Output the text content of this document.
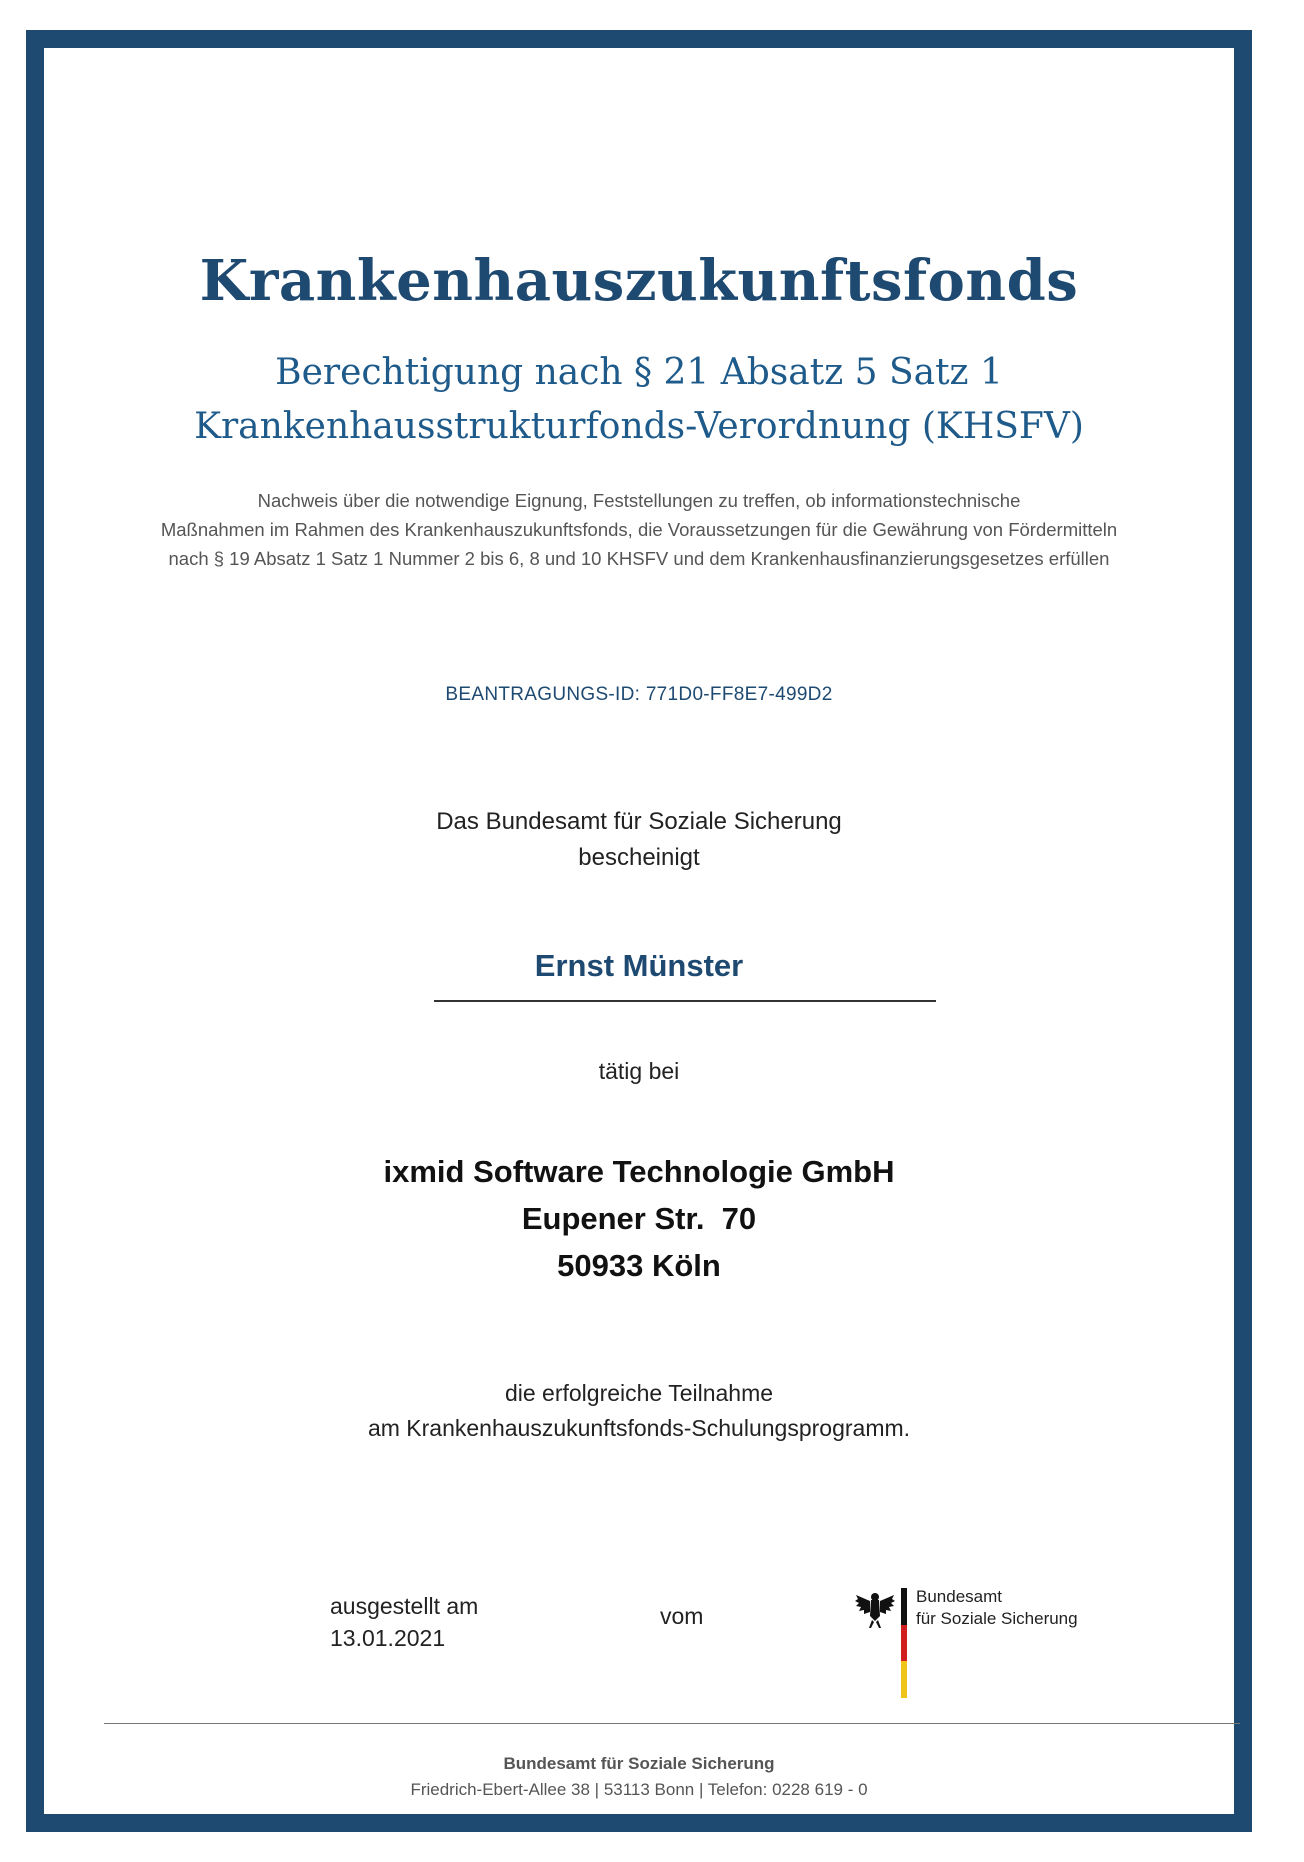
Krankenhauszukunftsfonds
Berechtigung nach § 21 Absatz 5 Satz 1
Krankenhausstrukturfonds-Verordnung (KHSFV)
Nachweis über die notwendige Eignung, Feststellungen zu treffen, ob informationstechnische
Maßnahmen im Rahmen des Krankenhauszukunftsfonds, die Voraussetzungen für die Gewährung von Fördermitteln
nach § 19 Absatz 1 Satz 1 Nummer 2 bis 6, 8 und 10 KHSFV und dem Krankenhausfinanzierungsgesetzes erfüllen
BEANTRAGUNGS-ID: 771D0-FF8E7-499D2
Das Bundesamt für Soziale Sicherung
bescheinigt
Ernst Münster
tätig bei
ixmid Software Technologie GmbH
Eupener Str.  70
50933 Köln
die erfolgreiche Teilnahme
am Krankenhauszukunftsfonds-Schulungsprogramm.
ausgestellt am
13.01.2021
vom
Bundesamt
für Soziale Sicherung
Bundesamt für Soziale Sicherung
Friedrich-Ebert-Allee 38 | 53113 Bonn | Telefon: 0228 619 - 0
